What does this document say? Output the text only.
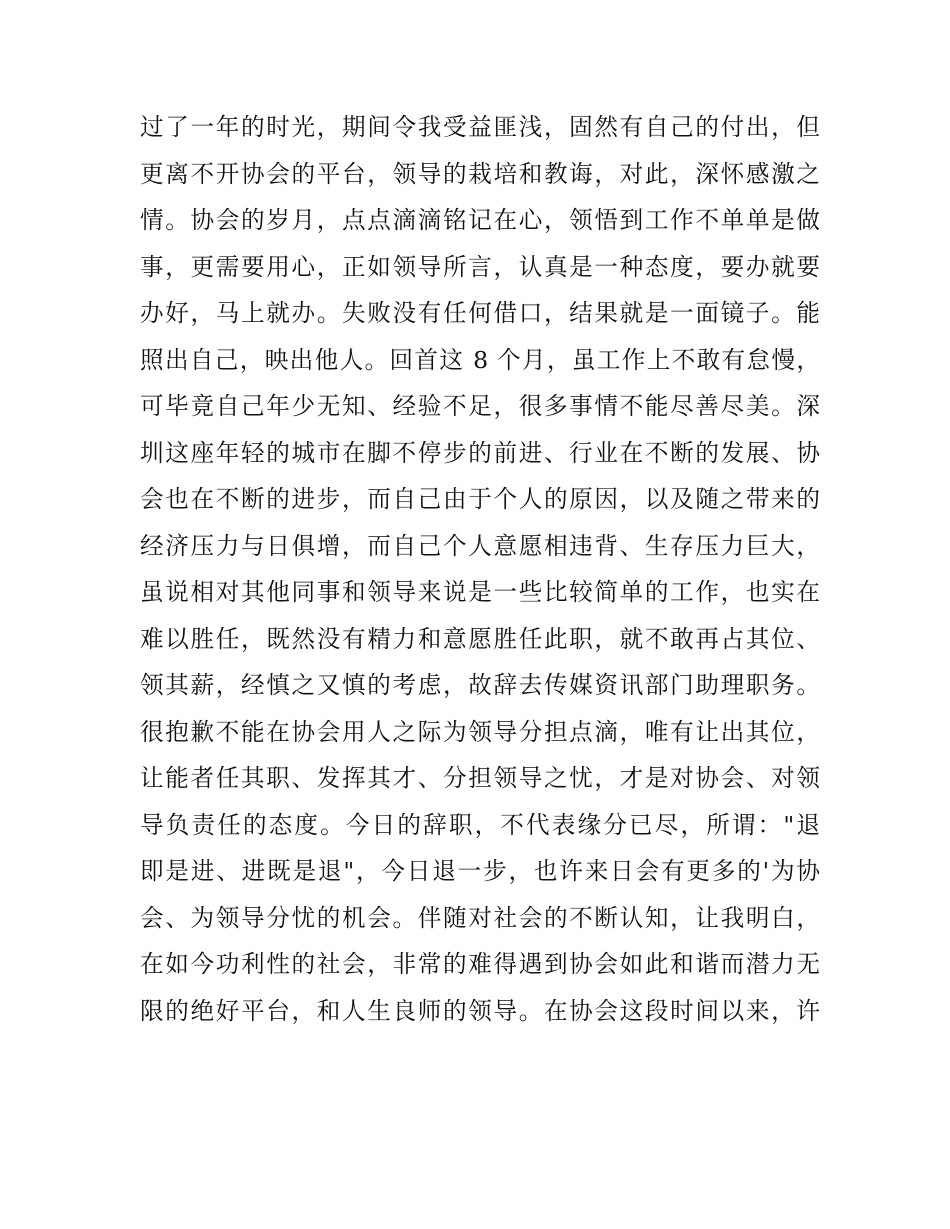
过了一年的时光，期间令我受益匪浅，固然有自己的付出，但
更离不开协会的平台，领导的栽培和教诲，对此，深怀感激之
情。协会的岁月，点点滴滴铭记在心，领悟到工作不单单是做
事，更需要用心，正如领导所言，认真是一种态度，要办就要
办好，马上就办。失败没有任何借口，结果就是一面镜子。能
照出自己，映出他人。回首这 8 个月，虽工作上不敢有怠慢，
可毕竟自己年少无知、经验不足，很多事情不能尽善尽美。深
圳这座年轻的城市在脚不停步的前进、行业在不断的发展、协
会也在不断的进步，而自己由于个人的原因，以及随之带来的
经济压力与日俱增，而自己个人意愿相违背、生存压力巨大，
虽说相对其他同事和领导来说是一些比较简单的工作，也实在
难以胜任，既然没有精力和意愿胜任此职，就不敢再占其位、
领其薪，经慎之又慎的考虑，故辞去传媒资讯部门助理职务。
很抱歉不能在协会用人之际为领导分担点滴，唯有让出其位，
让能者任其职、发挥其才、分担领导之忧，才是对协会、对领
导负责任的态度。今日的辞职，不代表缘分已尽，所谓："退
即是进、进既是退"，今日退一步，也许来日会有更多的'为协
会、为领导分忧的机会。伴随对社会的不断认知，让我明白，
在如今功利性的社会，非常的难得遇到协会如此和谐而潜力无
限的绝好平台，和人生良师的领导。在协会这段时间以来，许
